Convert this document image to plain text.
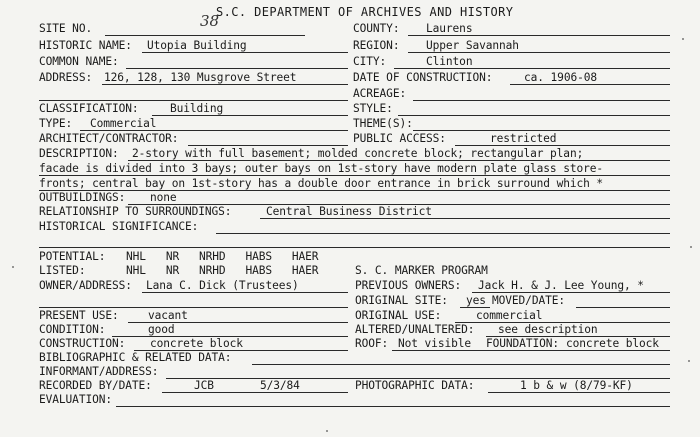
S.C. DEPARTMENT OF ARCHIVES AND HISTORY
SITE NO.	38	COUNTY: Laurens
HISTORIC NAME: Utopia Building	REGION: Upper Savannah
COMMON NAME:	CITY:	Clinton
ADDRESS: 126, 128, 130 Musgrove Street	DATE OF CONSTRUCTION:	ca. 1906-08
ACREAGE:
CLASSIFICATION:	Building	STYLE:
TYPE: Commercial	THEME(S):
ARCHITECT/CONTRACTOR:	PUBLIC ACCESS:	restricted
DESCRIPTION: 2-story with full basement; molded concrete block; rectangular plan;
facade is divided into 3 bays; outer bays on 1st-story have modern plate glass store-
fronts; central bay on 1st-story has a double door entrance in brick surround which *
OUTBUILDINGS: none
RELATIONSHIP TO SURROUNDINGS:	Central Business District
HISTORICAL SIGNIFICANCE:
POTENTIAL: NHL   NR   NRHD   HABS   HAER
LISTED:	NHL   NR   NRHD   HABS   HAER	S. C. MARKER PROGRAM
OWNER/ADDRESS: Lana C. Dick (Trustees)	PREVIOUS OWNERS: Jack H. & J. Lee Young, *
ORIGINAL SITE: yes MOVED/DATE:
PRESENT USE:	vacant	ORIGINAL USE:	commercial
CONDITION:	good	ALTERED/UNALTERED: see description
CONSTRUCTION: concrete block	ROOF: Not visible FOUNDATION: concrete block
BIBLIOGRAPHIC & RELATED DATA:
INFORMANT/ADDRESS:
RECORDED BY/DATE:	JCB	5/3/84	PHOTOGRAPHIC DATA:	1 b & w (8/79-KF)
EVALUATION:
